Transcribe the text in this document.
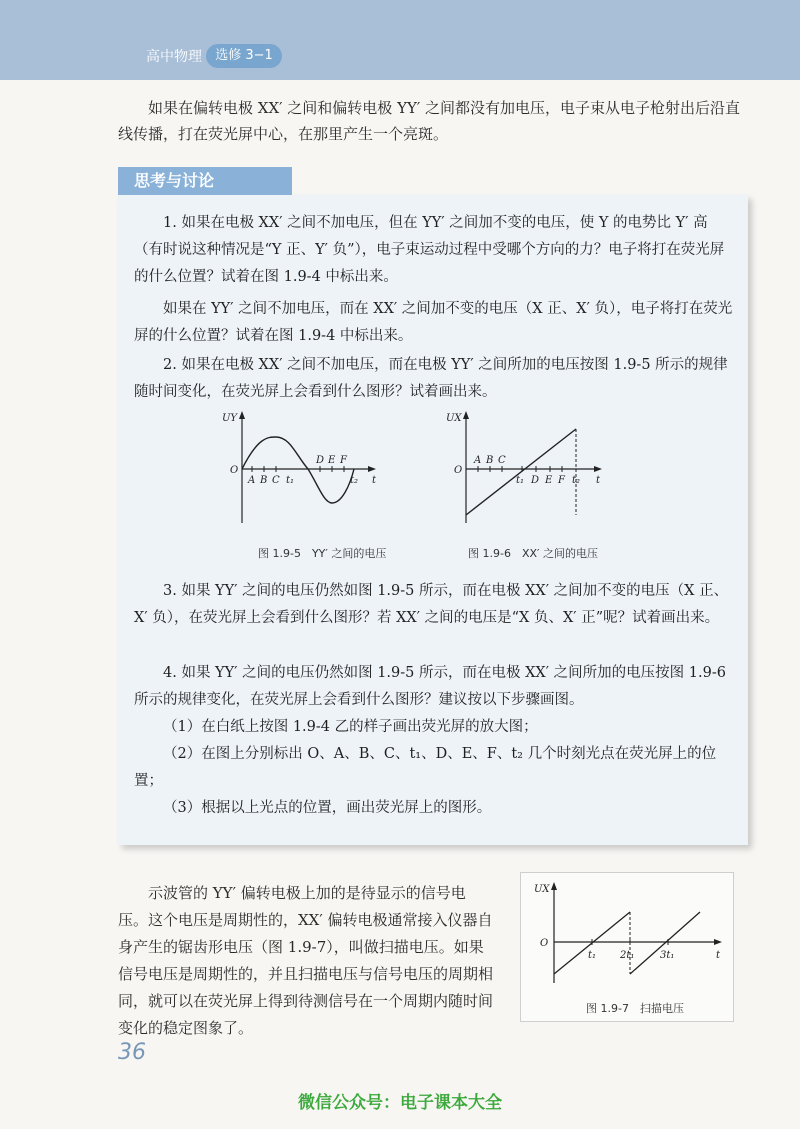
高中物理	选修 3−1

如果在偏转电极 XX′ 之间和偏转电极 YY′ 之间都没有加电压，电子束从电子枪射出后沿直线传播，打在荧光屏中心，在那里产生一个亮斑。

思考与讨论

1. 如果在电极 XX′ 之间不加电压，但在 YY′ 之间加不变的电压，使 Y 的电势比 Y′ 高（有时说这种情况是“Y 正、Y′ 负”），电子束运动过程中受哪个方向的力？电子将打在荧光屏的什么位置？试着在图 1.9-4 中标出来。

如果在 YY′ 之间不加电压，而在 XX′ 之间加不变的电压（X 正、X′ 负），电子将打在荧光屏的什么位置？试着在图 1.9-4 中标出来。

2. 如果在电极 XX′ 之间不加电压，而在电极 YY′ 之间所加的电压按图 1.9-5 所示的规律随时间变化，在荧光屏上会看到什么图形？试着画出来。

UY
O
t
A B C t₁
D E F
t₂
图 1.9-5　YY′ 之间的电压
UX
O
t
A B C
t₁ D E F t₂
图 1.9-6　XX′ 之间的电压

3. 如果 YY′ 之间的电压仍然如图 1.9-5 所示，而在电极 XX′ 之间加不变的电压（X 正、X′ 负），在荧光屏上会看到什么图形？若 XX′ 之间的电压是“X 负、X′ 正”呢？试着画出来。

4. 如果 YY′ 之间的电压仍然如图 1.9-5 所示，而在电极 XX′ 之间所加的电压按图 1.9-6 所示的规律变化，在荧光屏上会看到什么图形？建议按以下步骤画图。

（1）在白纸上按图 1.9-4 乙的样子画出荧光屏的放大图；

（2）在图上分别标出 O、A、B、C、t₁、D、E、F、t₂ 几个时刻光点在荧光屏上的位置；

（3）根据以上光点的位置，画出荧光屏上的图形。

示波管的 YY′ 偏转电极上加的是待显示的信号电压。这个电压是周期性的，XX′ 偏转电极通常接入仪器自身产生的锯齿形电压（图 1.9-7），叫做扫描电压。如果信号电压是周期性的，并且扫描电压与信号电压的周期相同，就可以在荧光屏上得到待测信号在一个周期内随时间变化的稳定图象了。

UX
O
t
t₁ 2t₁	3t₁
图 1.9-7　扫描电压
36
微信公众号：电子课本大全
